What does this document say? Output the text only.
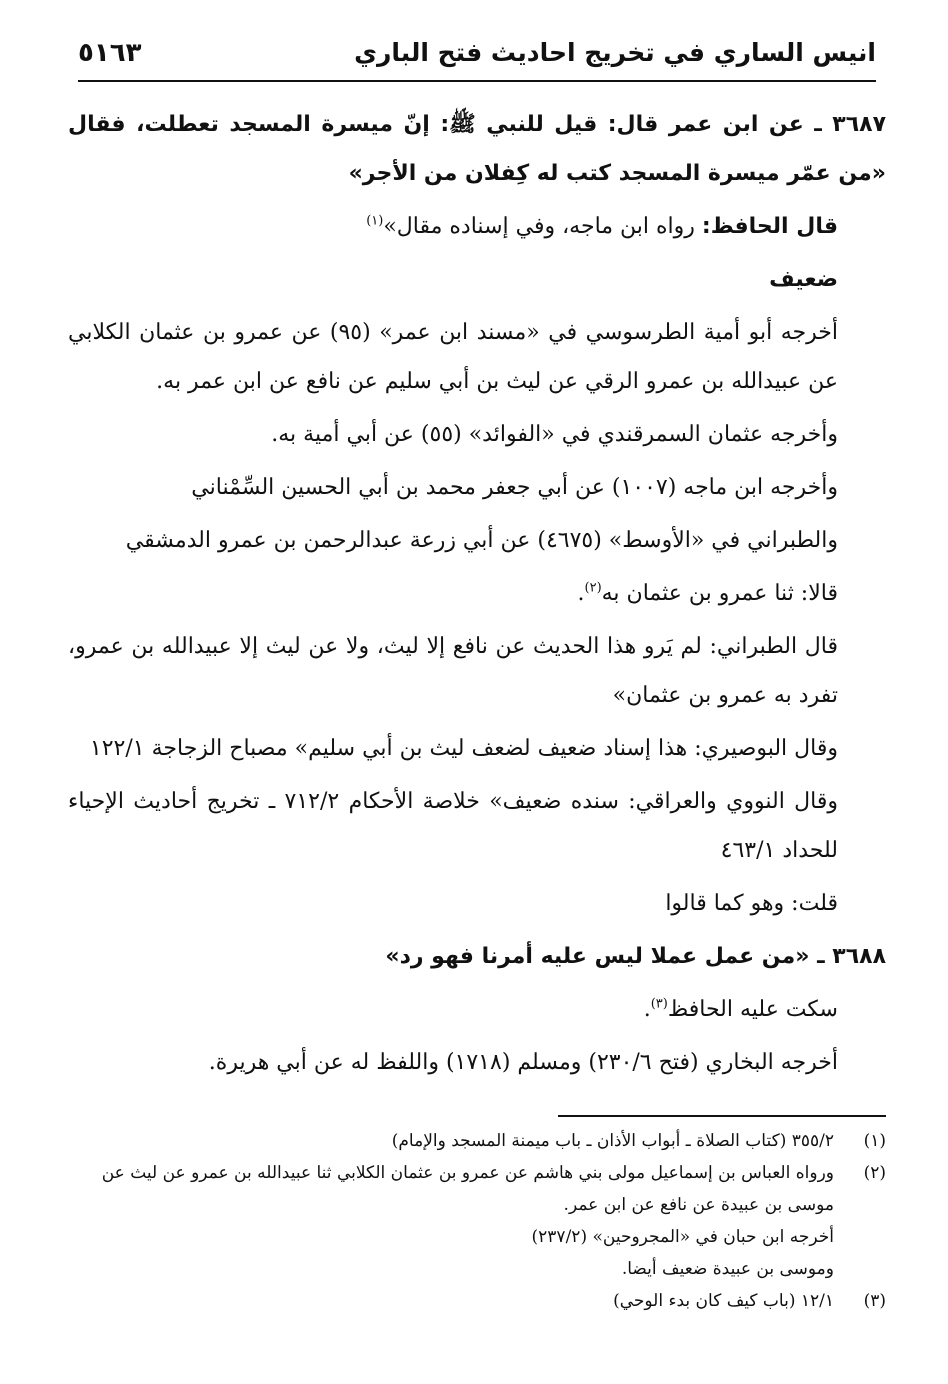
انيس الساري في تخريج احاديث فتح الباري
٥١٦٣
٣٦٨٧ ـ عن ابن عمر قال: قيل للنبي ﷺ: إنّ ميسرة المسجد تعطلت، فقال «من عمّر ميسرة المسجد كتب له كِفلان من الأجر»
قال الحافظ: رواه ابن ماجه، وفي إسناده مقال»$^{(١)}$
ضعيف
أخرجه أبو أمية الطرسوسي في «مسند ابن عمر» (٩٥) عن عمرو بن عثمان الكلابي عن عبيدالله بن عمرو الرقي عن ليث بن أبي سليم عن نافع عن ابن عمر به.
وأخرجه عثمان السمرقندي في «الفوائد» (٥٥) عن أبي أمية به.
وأخرجه ابن ماجه (١٠٠٧) عن أبي جعفر محمد بن أبي الحسين السِّمْناني
والطبراني في «الأوسط» (٤٦٧٥) عن أبي زرعة عبدالرحمن بن عمرو الدمشقي
قالا: ثنا عمرو بن عثمان به$^{(٢)}$.
قال الطبراني: لم يَرو هذا الحديث عن نافع إلا ليث، ولا عن ليث إلا عبيدالله بن عمرو، تفرد به عمرو بن عثمان»
وقال البوصيري: هذا إسناد ضعيف لضعف ليث بن أبي سليم» مصباح الزجاجة ١٢٢/١
وقال النووي والعراقي: سنده ضعيف» خلاصة الأحكام ٧١٢/٢ ـ تخريج أحاديث الإحياء للحداد ٤٦٣/١
قلت: وهو كما قالوا
٣٦٨٨ ـ «من عمل عملا ليس عليه أمرنا فهو رد»
سكت عليه الحافظ$^{(٣)}$.
أخرجه البخاري (فتح ٢٣٠/٦) ومسلم (١٧١٨) واللفظ له عن أبي هريرة.
(١)
٣٥٥/٢ (كتاب الصلاة ـ أبواب الأذان ـ باب ميمنة المسجد والإمام)
(٢)
ورواه العباس بن إسماعيل مولى بني هاشم عن عمرو بن عثمان الكلابي ثنا عبيدالله بن عمرو عن ليث عن موسى بن عبيدة عن نافع عن ابن عمر.
أخرجه ابن حبان في «المجروحين» (٢٣٧/٢)
وموسى بن عبيدة ضعيف أيضا.
(٣)
١٢/١ (باب كيف كان بدء الوحي)
